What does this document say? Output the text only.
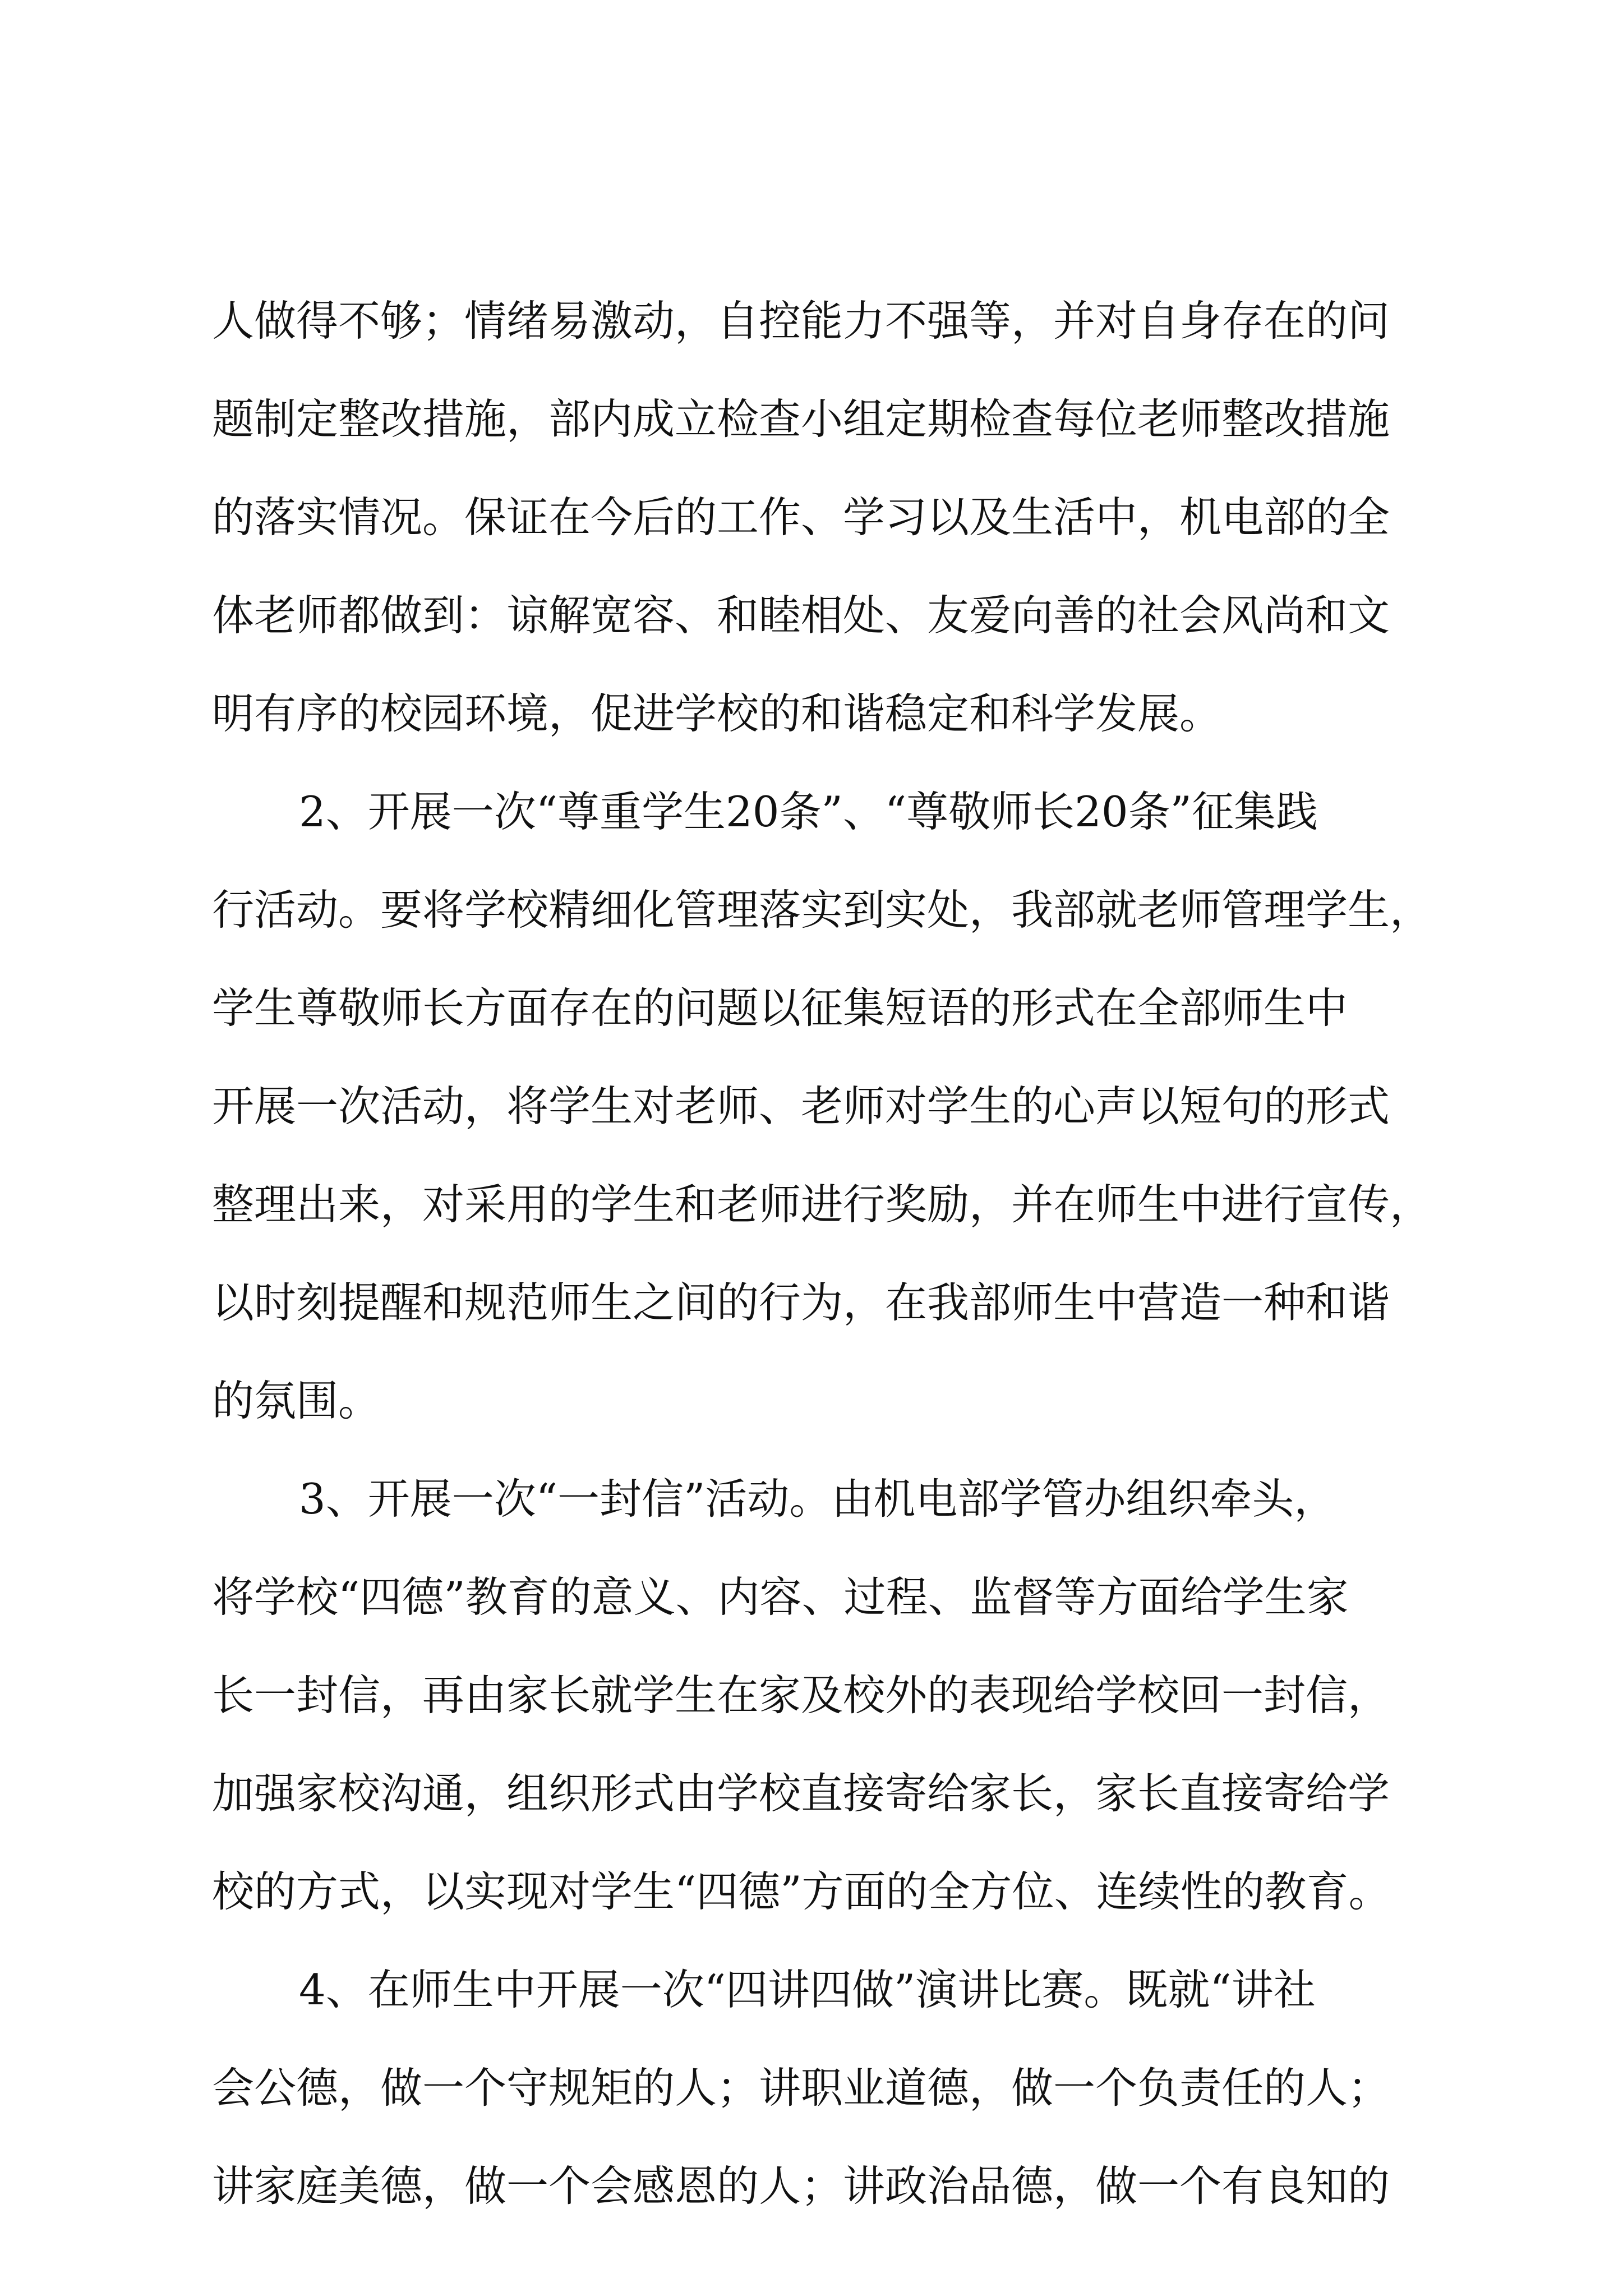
人做得不够；情绪易激动，自控能力不强等，并对自身存在的问
题制定整改措施，部内成立检查小组定期检查每位老师整改措施
的落实情况。保证在今后的工作、学习以及生活中，机电部的全
体老师都做到：谅解宽容、和睦相处、友爱向善的社会风尚和文
明有序的校园环境，促进学校的和谐稳定和科学发展。
2、开展一次“尊重学生20条”、“尊敬师长20条”征集践
行活动。要将学校精细化管理落实到实处，我部就老师管理学生，
学生尊敬师长方面存在的问题以征集短语的形式在全部师生中
开展一次活动，将学生对老师、老师对学生的心声以短句的形式
整理出来，对采用的学生和老师进行奖励，并在师生中进行宣传，
以时刻提醒和规范师生之间的行为，在我部师生中营造一种和谐
的氛围。
3、开展一次“一封信”活动。由机电部学管办组织牵头，
将学校“四德”教育的意义、内容、过程、监督等方面给学生家
长一封信，再由家长就学生在家及校外的表现给学校回一封信，
加强家校沟通，组织形式由学校直接寄给家长，家长直接寄给学
校的方式，以实现对学生“四德”方面的全方位、连续性的教育。
4、在师生中开展一次“四讲四做”演讲比赛。既就“讲社
会公德，做一个守规矩的人；讲职业道德，做一个负责任的人；
讲家庭美德，做一个会感恩的人；讲政治品德，做一个有良知的
